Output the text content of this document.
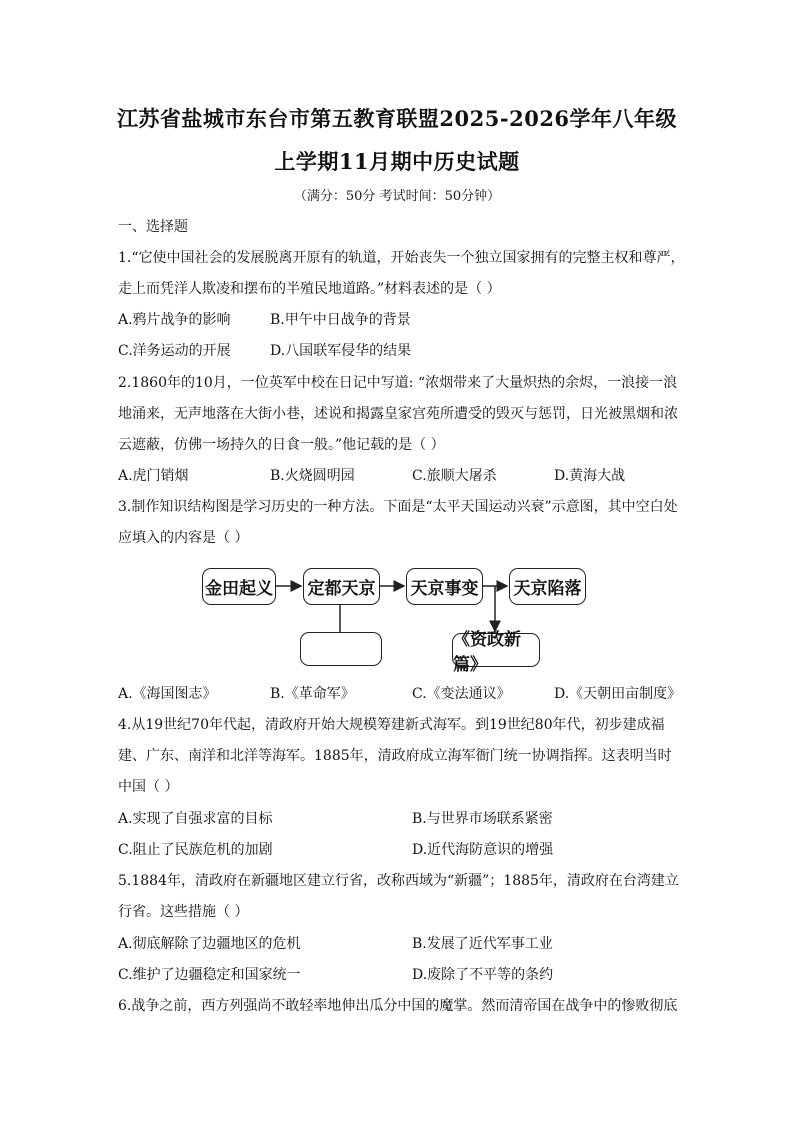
江苏省盐城市东台市第五教育联盟2025-2026学年八年级
上学期11月期中历史试题
（满分：50分 考试时间：50分钟）
一、选择题
1.“它使中国社会的发展脱离开原有的轨道，开始丧失一个独立国家拥有的完整主权和尊严，
走上而凭洋人欺凌和摆布的半殖民地道路。”材料表述的是（ ）
A.鸦片战争的影响	B.甲午中日战争的背景
C.洋务运动的开展	D.八国联军侵华的结果
2.1860年的10月，一位英军中校在日记中写道: “浓烟带来了大量炽热的余烬，一浪接一浪
地涌来，无声地落在大街小巷，述说和揭露皇家宫苑所遭受的毁灭与惩罚，日光被黑烟和浓
云遮蔽，仿佛一场持久的日食一般。”他记载的是（ ）
A.虎门销烟	B.火烧圆明园	C.旅顺大屠杀	D.黄海大战
3.制作知识结构图是学习历史的一种方法。下面是“太平天国运动兴衰”示意图，其中空白处
应填入的内容是（ ）
金田起义 定都天京 天京事变 天京陷落
《资政新篇》
A.《海国图志》	B.《革命军》	C.《变法通议》	D.《天朝田亩制度》
4.从19世纪70年代起，清政府开始大规模筹建新式海军。到19世纪80年代，初步建成福
建、广东、南洋和北洋等海军。1885年，清政府成立海军衙门统一协调指挥。这表明当时
中国（ ）
A.实现了自强求富的目标	B.与世界市场联系紧密
C.阻止了民族危机的加剧	D.近代海防意识的增强
5.1884年，清政府在新疆地区建立行省，改称西域为“新疆”；1885年，清政府在台湾建立
行省。这些措施（ ）
A.彻底解除了边疆地区的危机	B.发展了近代军事工业
C.维护了边疆稳定和国家统一	D.废除了不平等的条约
6.战争之前，西方列强尚不敢轻率地伸出瓜分中国的魔掌。然而清帝国在战争中的惨败彻底
